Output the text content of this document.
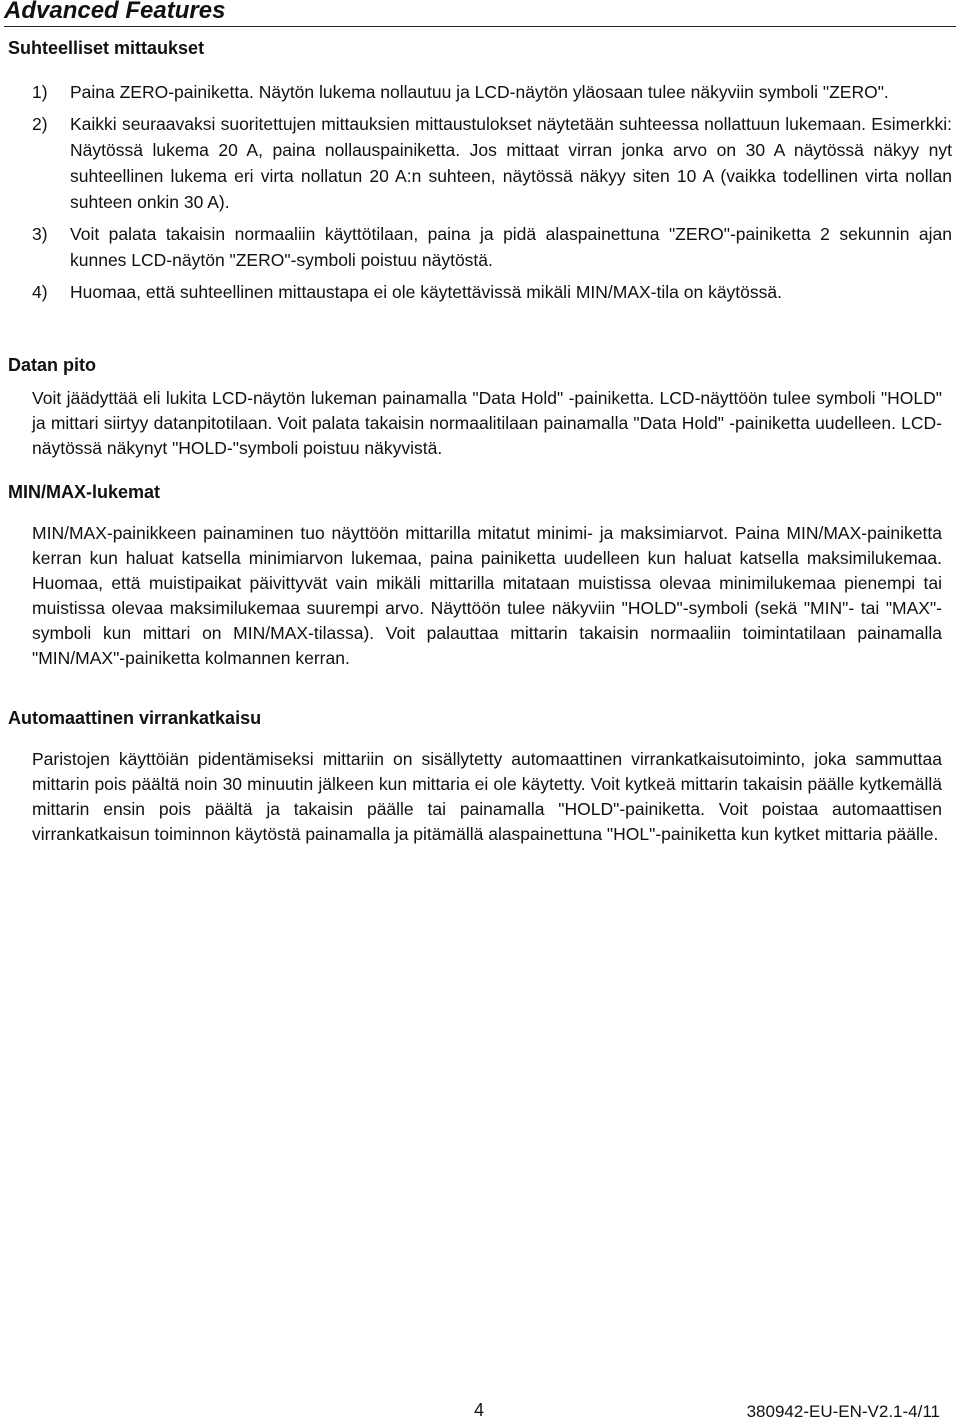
Advanced Features
Suhteelliset mittaukset
1) Paina ZERO-painiketta. Näytön lukema nollautuu ja LCD-näytön yläosaan tulee näkyviin symboli "ZERO".
2) Kaikki seuraavaksi suoritettujen mittauksien mittaustulokset näytetään suhteessa nollattuun lukemaan. Esimerkki: Näytössä lukema 20 A, paina nollauspainiketta. Jos mittaat virran jonka arvo on 30 A näytössä näkyy nyt suhteellinen lukema eri virta nollatun 20 A:n suhteen, näytössä näkyy siten 10 A (vaikka todellinen virta nollan suhteen onkin 30 A).
3) Voit palata takaisin normaaliin käyttötilaan, paina ja pidä alaspainettuna "ZERO"-painiketta 2 sekunnin ajan kunnes LCD-näytön "ZERO"-symboli poistuu näytöstä.
4) Huomaa, että suhteellinen mittaustapa ei ole käytettävissä mikäli MIN/MAX-tila on käytössä.
Datan pito

Voit jäädyttää eli lukita LCD-näytön lukeman painamalla "Data Hold" -painiketta. LCD-näyttöön tulee symboli "HOLD" ja mittari siirtyy datanpitotilaan. Voit palata takaisin normaalitilaan painamalla "Data Hold" -painiketta uudelleen. LCD-näytössä näkynyt "HOLD-"symboli poistuu näkyvistä.

MIN/MAX-lukemat

MIN/MAX-painikkeen painaminen tuo näyttöön mittarilla mitatut minimi- ja maksimiarvot. Paina MIN/MAX-painiketta kerran kun haluat katsella minimiarvon lukemaa, paina painiketta uudelleen kun haluat katsella maksimilukemaa. Huomaa, että muistipaikat päivittyvät vain mikäli mittarilla mitataan muistissa olevaa minimilukemaa pienempi tai muistissa olevaa maksimilukemaa suurempi arvo. Näyttöön tulee näkyviin "HOLD"-symboli (sekä "MIN"- tai "MAX"-symboli kun mittari on MIN/MAX-tilassa). Voit palauttaa mittarin takaisin normaaliin toimintatilaan painamalla "MIN/MAX"-painiketta kolmannen kerran.

Automaattinen virrankatkaisu

Paristojen käyttöiän pidentämiseksi mittariin on sisällytetty automaattinen virrankatkaisutoiminto, joka sammuttaa mittarin pois päältä noin 30 minuutin jälkeen kun mittaria ei ole käytetty. Voit kytkeä mittarin takaisin päälle kytkemällä mittarin ensin pois päältä ja takaisin päälle tai painamalla "HOLD"-painiketta. Voit poistaa automaattisen virrankatkaisun toiminnon käytöstä painamalla ja pitämällä alaspainettuna "HOL"-painiketta kun kytket mittaria päälle.

4	380942-EU-EN-V2.1-4/11
